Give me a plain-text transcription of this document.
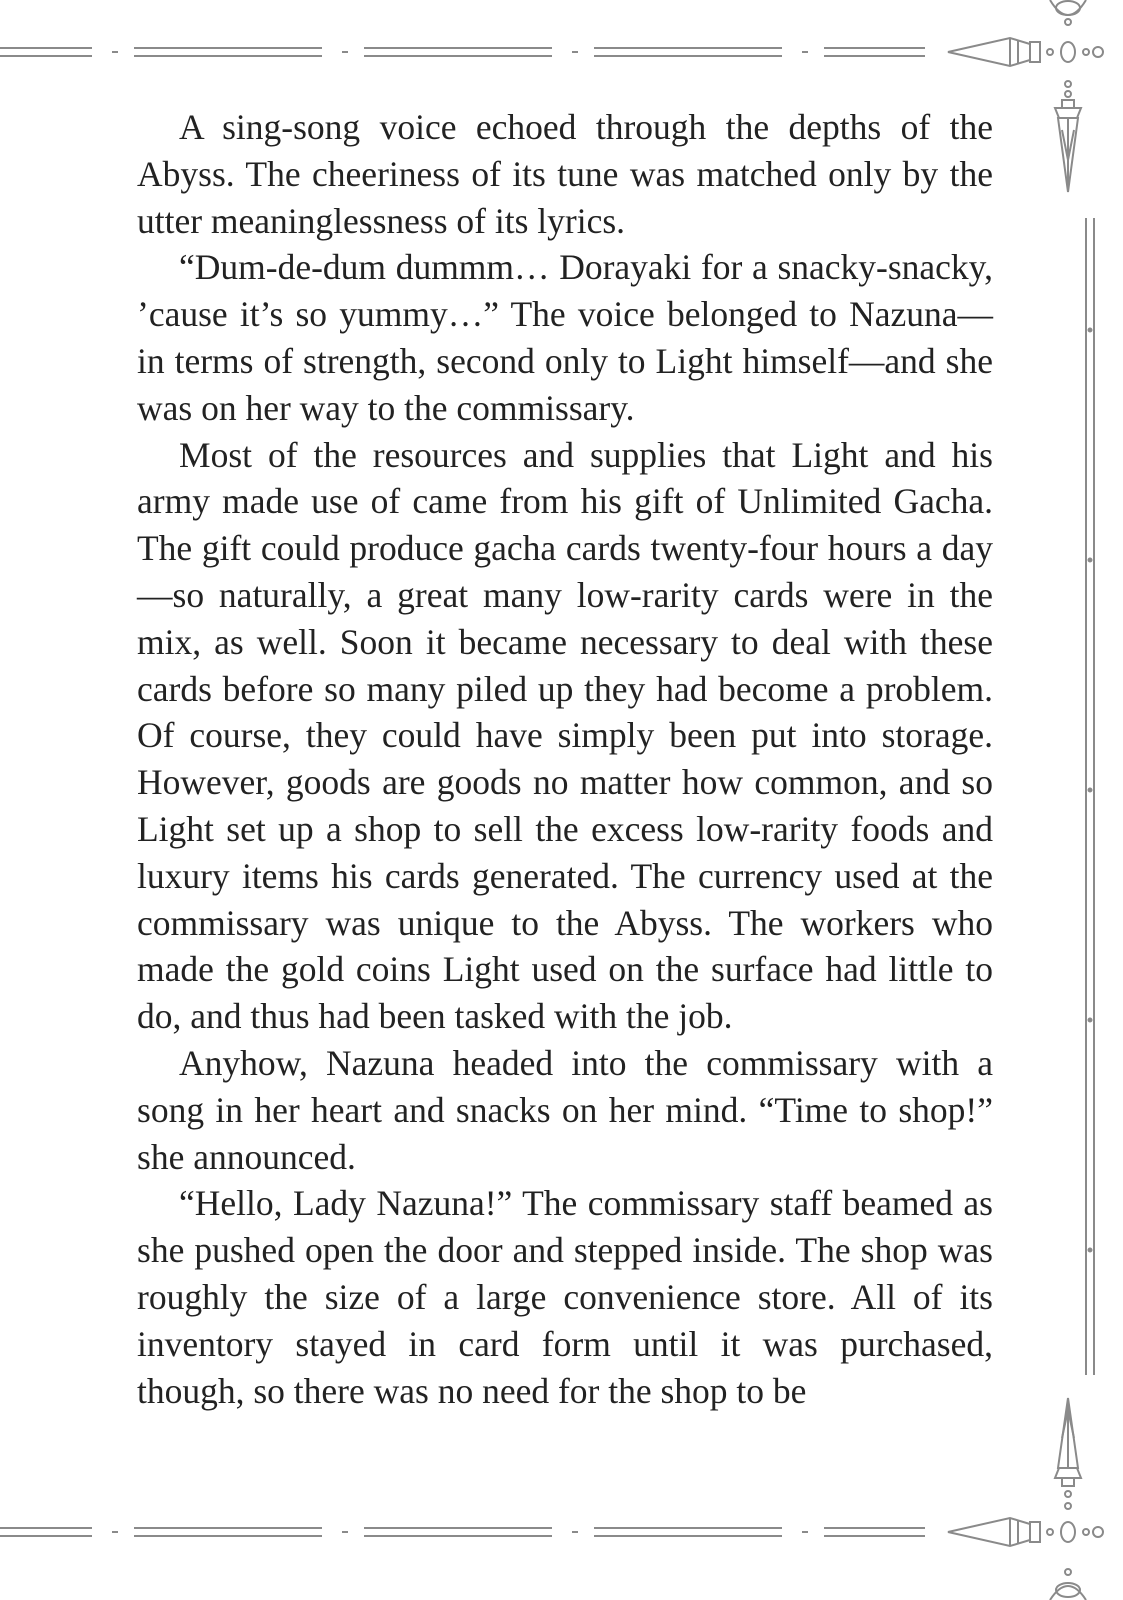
A sing-song voice echoed through the depths of the Abyss. The cheeriness of its tune was matched only by the utter meaninglessness of its lyrics.

“Dum-de-dum dummm… Dorayaki for a snacky-snacky, ’cause it’s so yummy…” The voice belonged to Nazuna—in terms of strength, second only to Light himself—and she was on her way to the commissary.

Most of the resources and supplies that Light and his army made use of came from his gift of Unlimited Gacha. The gift could produce gacha cards twenty-four hours a day—so naturally, a great many low-rarity cards were in the mix, as well. Soon it became necessary to deal with these cards before so many piled up they had become a problem. Of course, they could have simply been put into storage. However, goods are goods no matter how common, and so Light set up a shop to sell the excess low-rarity foods and luxury items his cards generated. The currency used at the commissary was unique to the Abyss. The workers who made the gold coins Light used on the surface had little to do, and thus had been tasked with the job.

Anyhow, Nazuna headed into the commissary with a song in her heart and snacks on her mind. “Time to shop!” she announced.

“Hello, Lady Nazuna!” The commissary staff beamed as she pushed open the door and stepped inside. The shop was roughly the size of a large convenience store. All of its inventory stayed in card form until it was purchased, though, so there was no need for the shop to be
